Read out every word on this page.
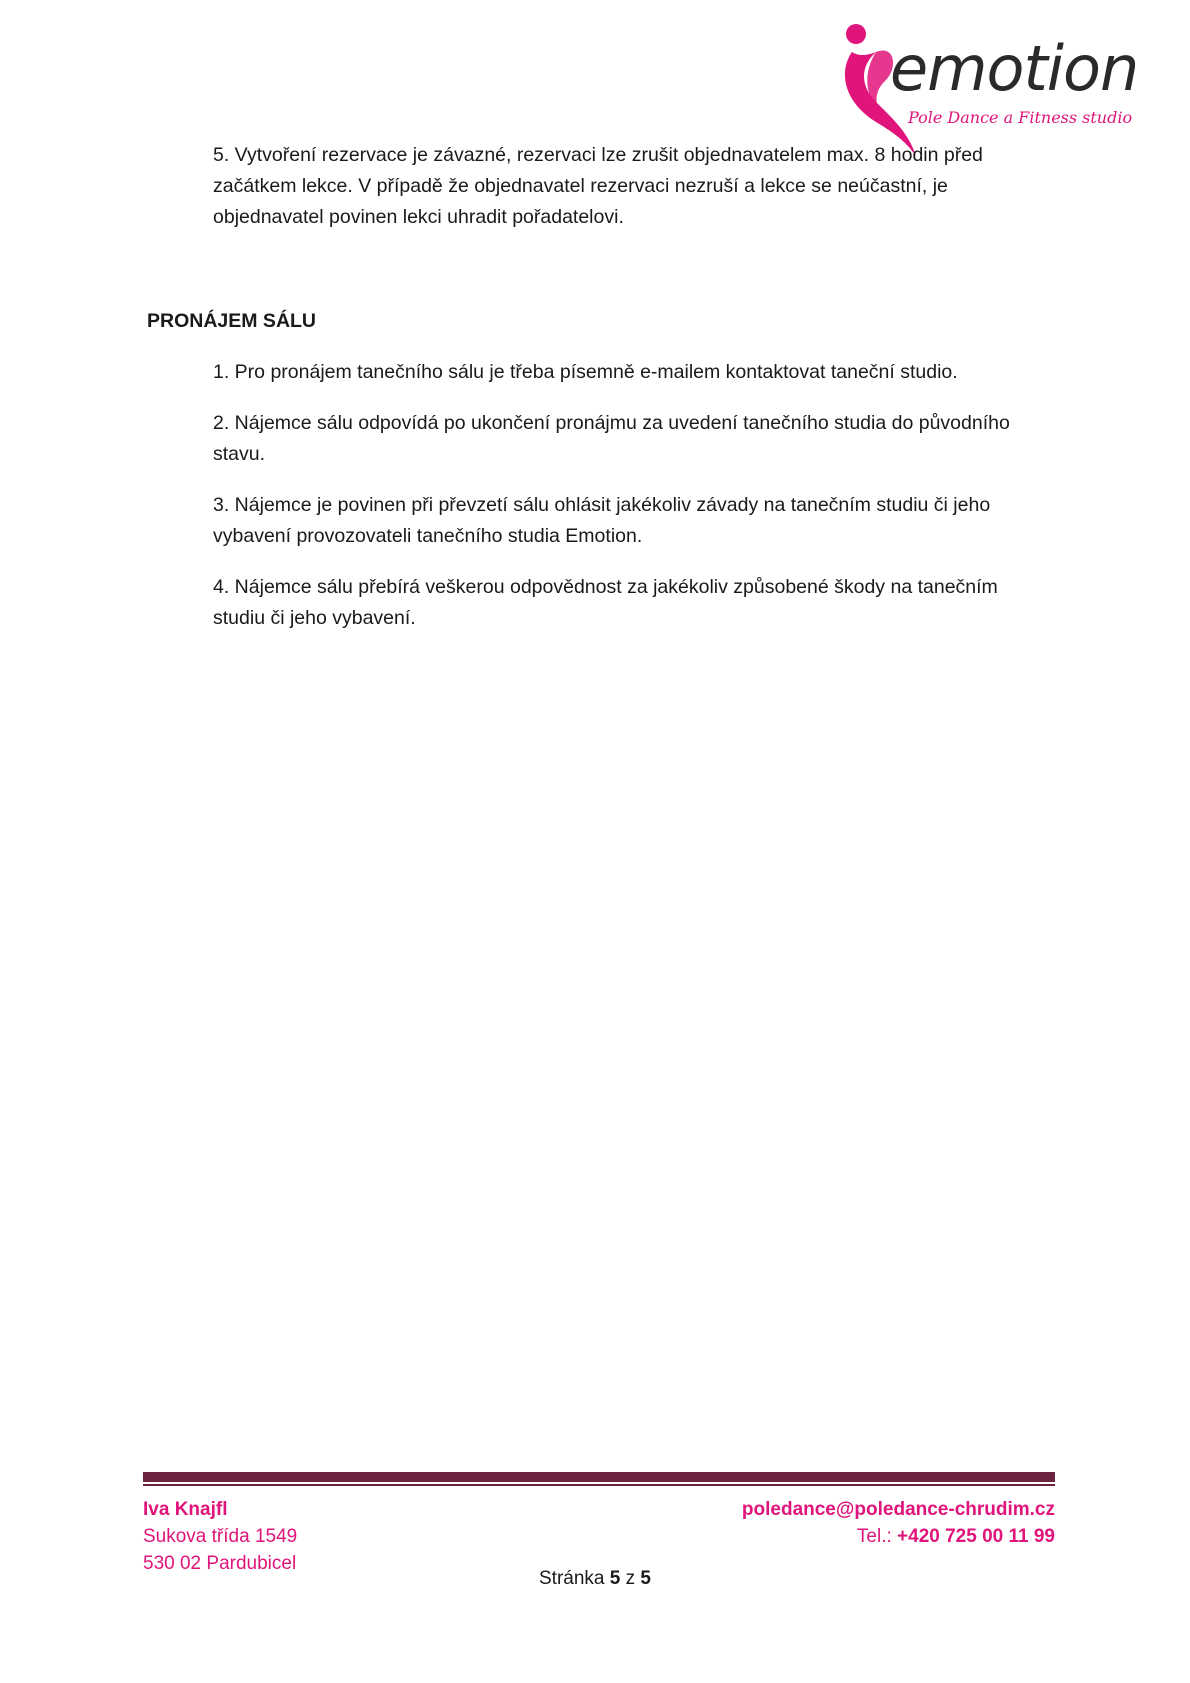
emotion
Pole Dance a Fitness studio

5. Vytvoření rezervace je závazné, rezervaci lze zrušit objednavatelem max. 8 hodin před začátkem lekce. V případě že objednavatel rezervaci nezruší a lekce se neúčastní, je objednavatel povinen lekci uhradit pořadatelovi.

PRONÁJEM SÁLU

1. Pro pronájem tanečního sálu je třeba písemně e-mailem kontaktovat taneční studio.

2. Nájemce sálu odpovídá po ukončení pronájmu za uvedení tanečního studia do původního stavu.

3. Nájemce je povinen při převzetí sálu ohlásit jakékoliv závady na tanečním studiu či jeho vybavení provozovateli tanečního studia Emotion.

4. Nájemce sálu přebírá veškerou odpovědnost za jakékoliv způsobené škody na tanečním studiu či jeho vybavení.

Iva Knajfl
Sukova třída 1549
530 02 Pardubicel
poledance@poledance-chrudim.cz
Tel.: +420 725 00 11 99
Stránka 5 z 5
